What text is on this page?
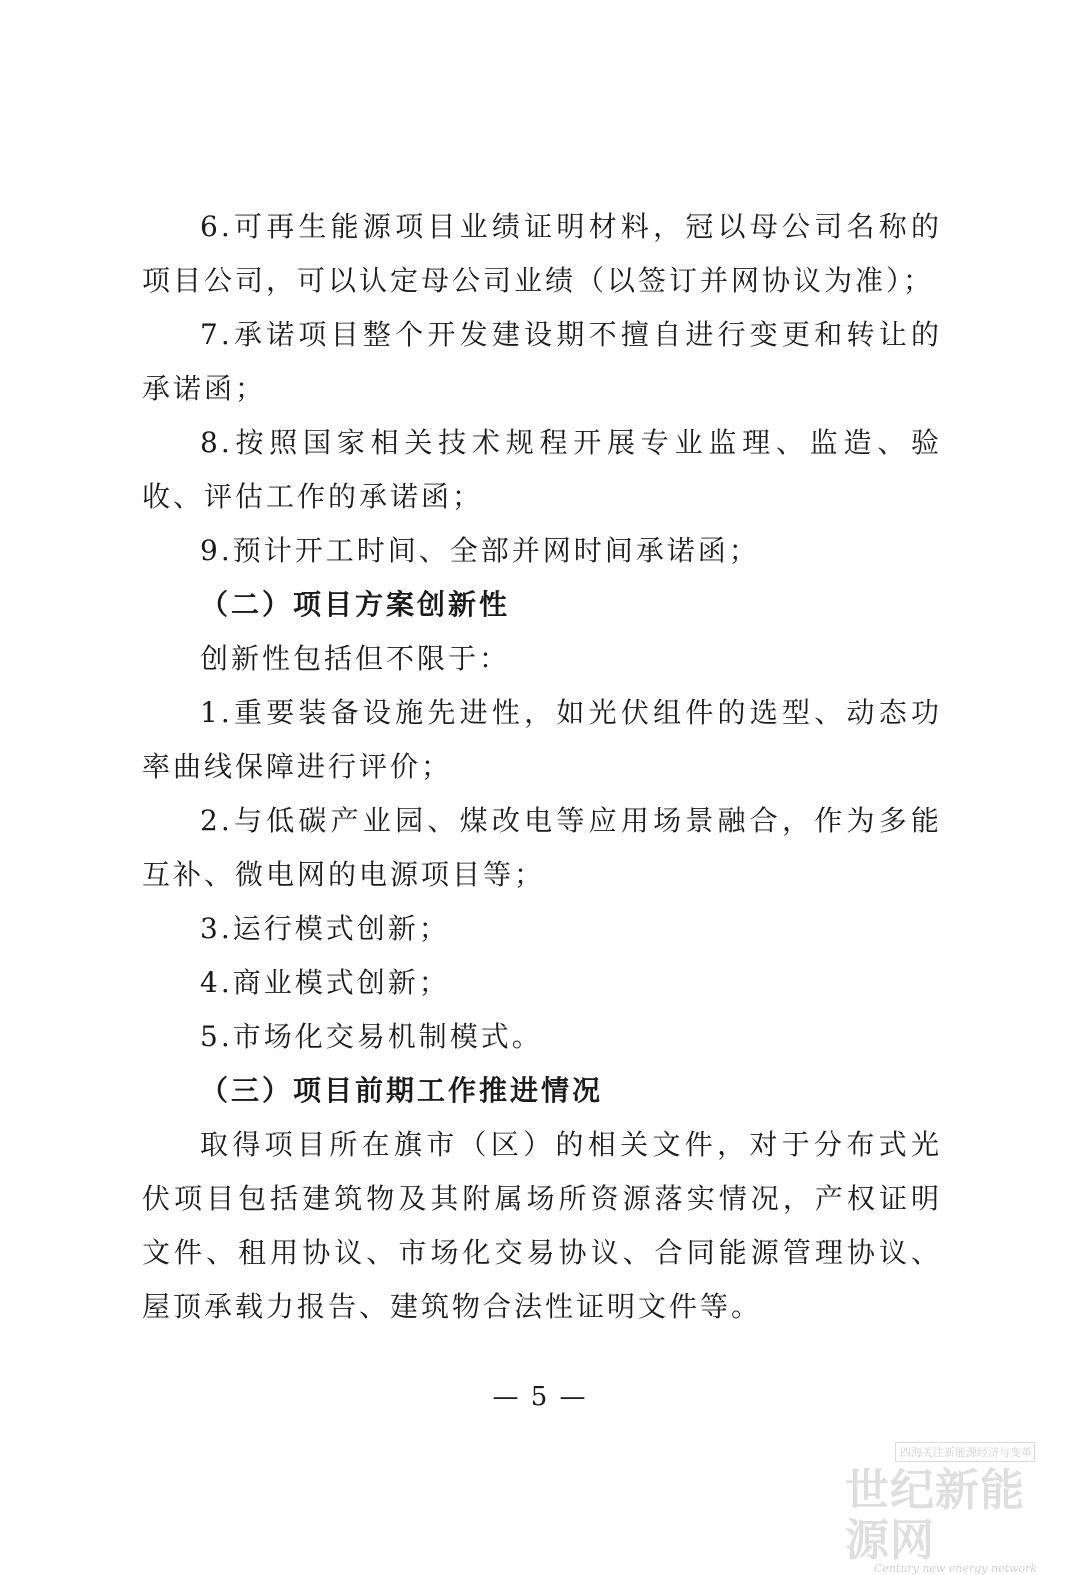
6.可再生能源项目业绩证明材料，冠以母公司名称的项目公司，可以认定母公司业绩（以签订并网协议为准）；

7.承诺项目整个开发建设期不擅自进行变更和转让的承诺函；

8.按照国家相关技术规程开展专业监理、监造、验收、评估工作的承诺函；

9.预计开工时间、全部并网时间承诺函；

（二）项目方案创新性

创新性包括但不限于：

1.重要装备设施先进性，如光伏组件的选型、动态功率曲线保障进行评价；

2.与低碳产业园、煤改电等应用场景融合，作为多能互补、微电网的电源项目等；

3.运行模式创新；

4.商业模式创新；

5.市场化交易机制模式。

（三）项目前期工作推进情况

取得项目所在旗市（区）的相关文件，对于分布式光伏项目包括建筑物及其附属场所资源落实情况，产权证明文件、租用协议、市场化交易协议、合同能源管理协议、屋顶承载力报告、建筑物合法性证明文件等。

— 5 —
四海关注新能源经济与变革
世纪新能源网
Century new energy network
